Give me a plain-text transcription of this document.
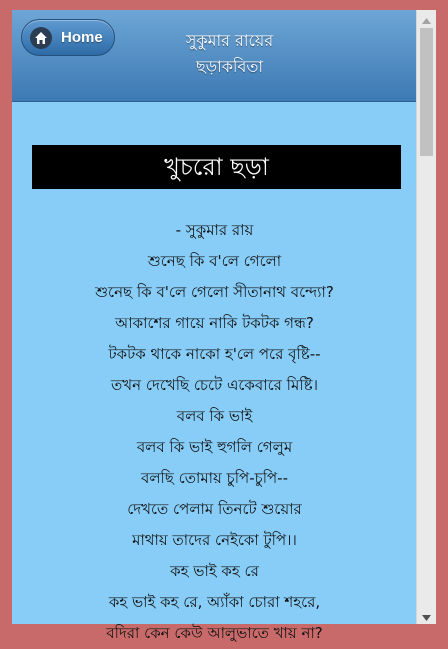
Home	সুকুমার রায়ের
ছড়াকবিতা
খুচরো ছড়া
- সুকুমার রায়
শুনেছ কি ব'লে গেলো
শুনেছ কি ব'লে গেলো সীতানাথ বন্দ্যো?
আকাশের গায়ে নাকি টকটক গন্ধ?
টকটক থাকে নাকো হ'লে পরে বৃষ্টি--
তখন দেখেছি চেটে একেবারে মিষ্টি।
বলব কি ভাই
বলব কি ভাই হুগলি গেলুম
বলছি তোমায় চুপি-চুপি--
দেখতে পেলাম তিনটে শুয়োর
মাথায় তাদের নেইকো টুপি।।
কহ ভাই কহ রে
কহ ভাই কহ রে, অ্যাঁকা চোরা শহরে,
বদিরা কেন কেউ আলুভাতে খায় না?
